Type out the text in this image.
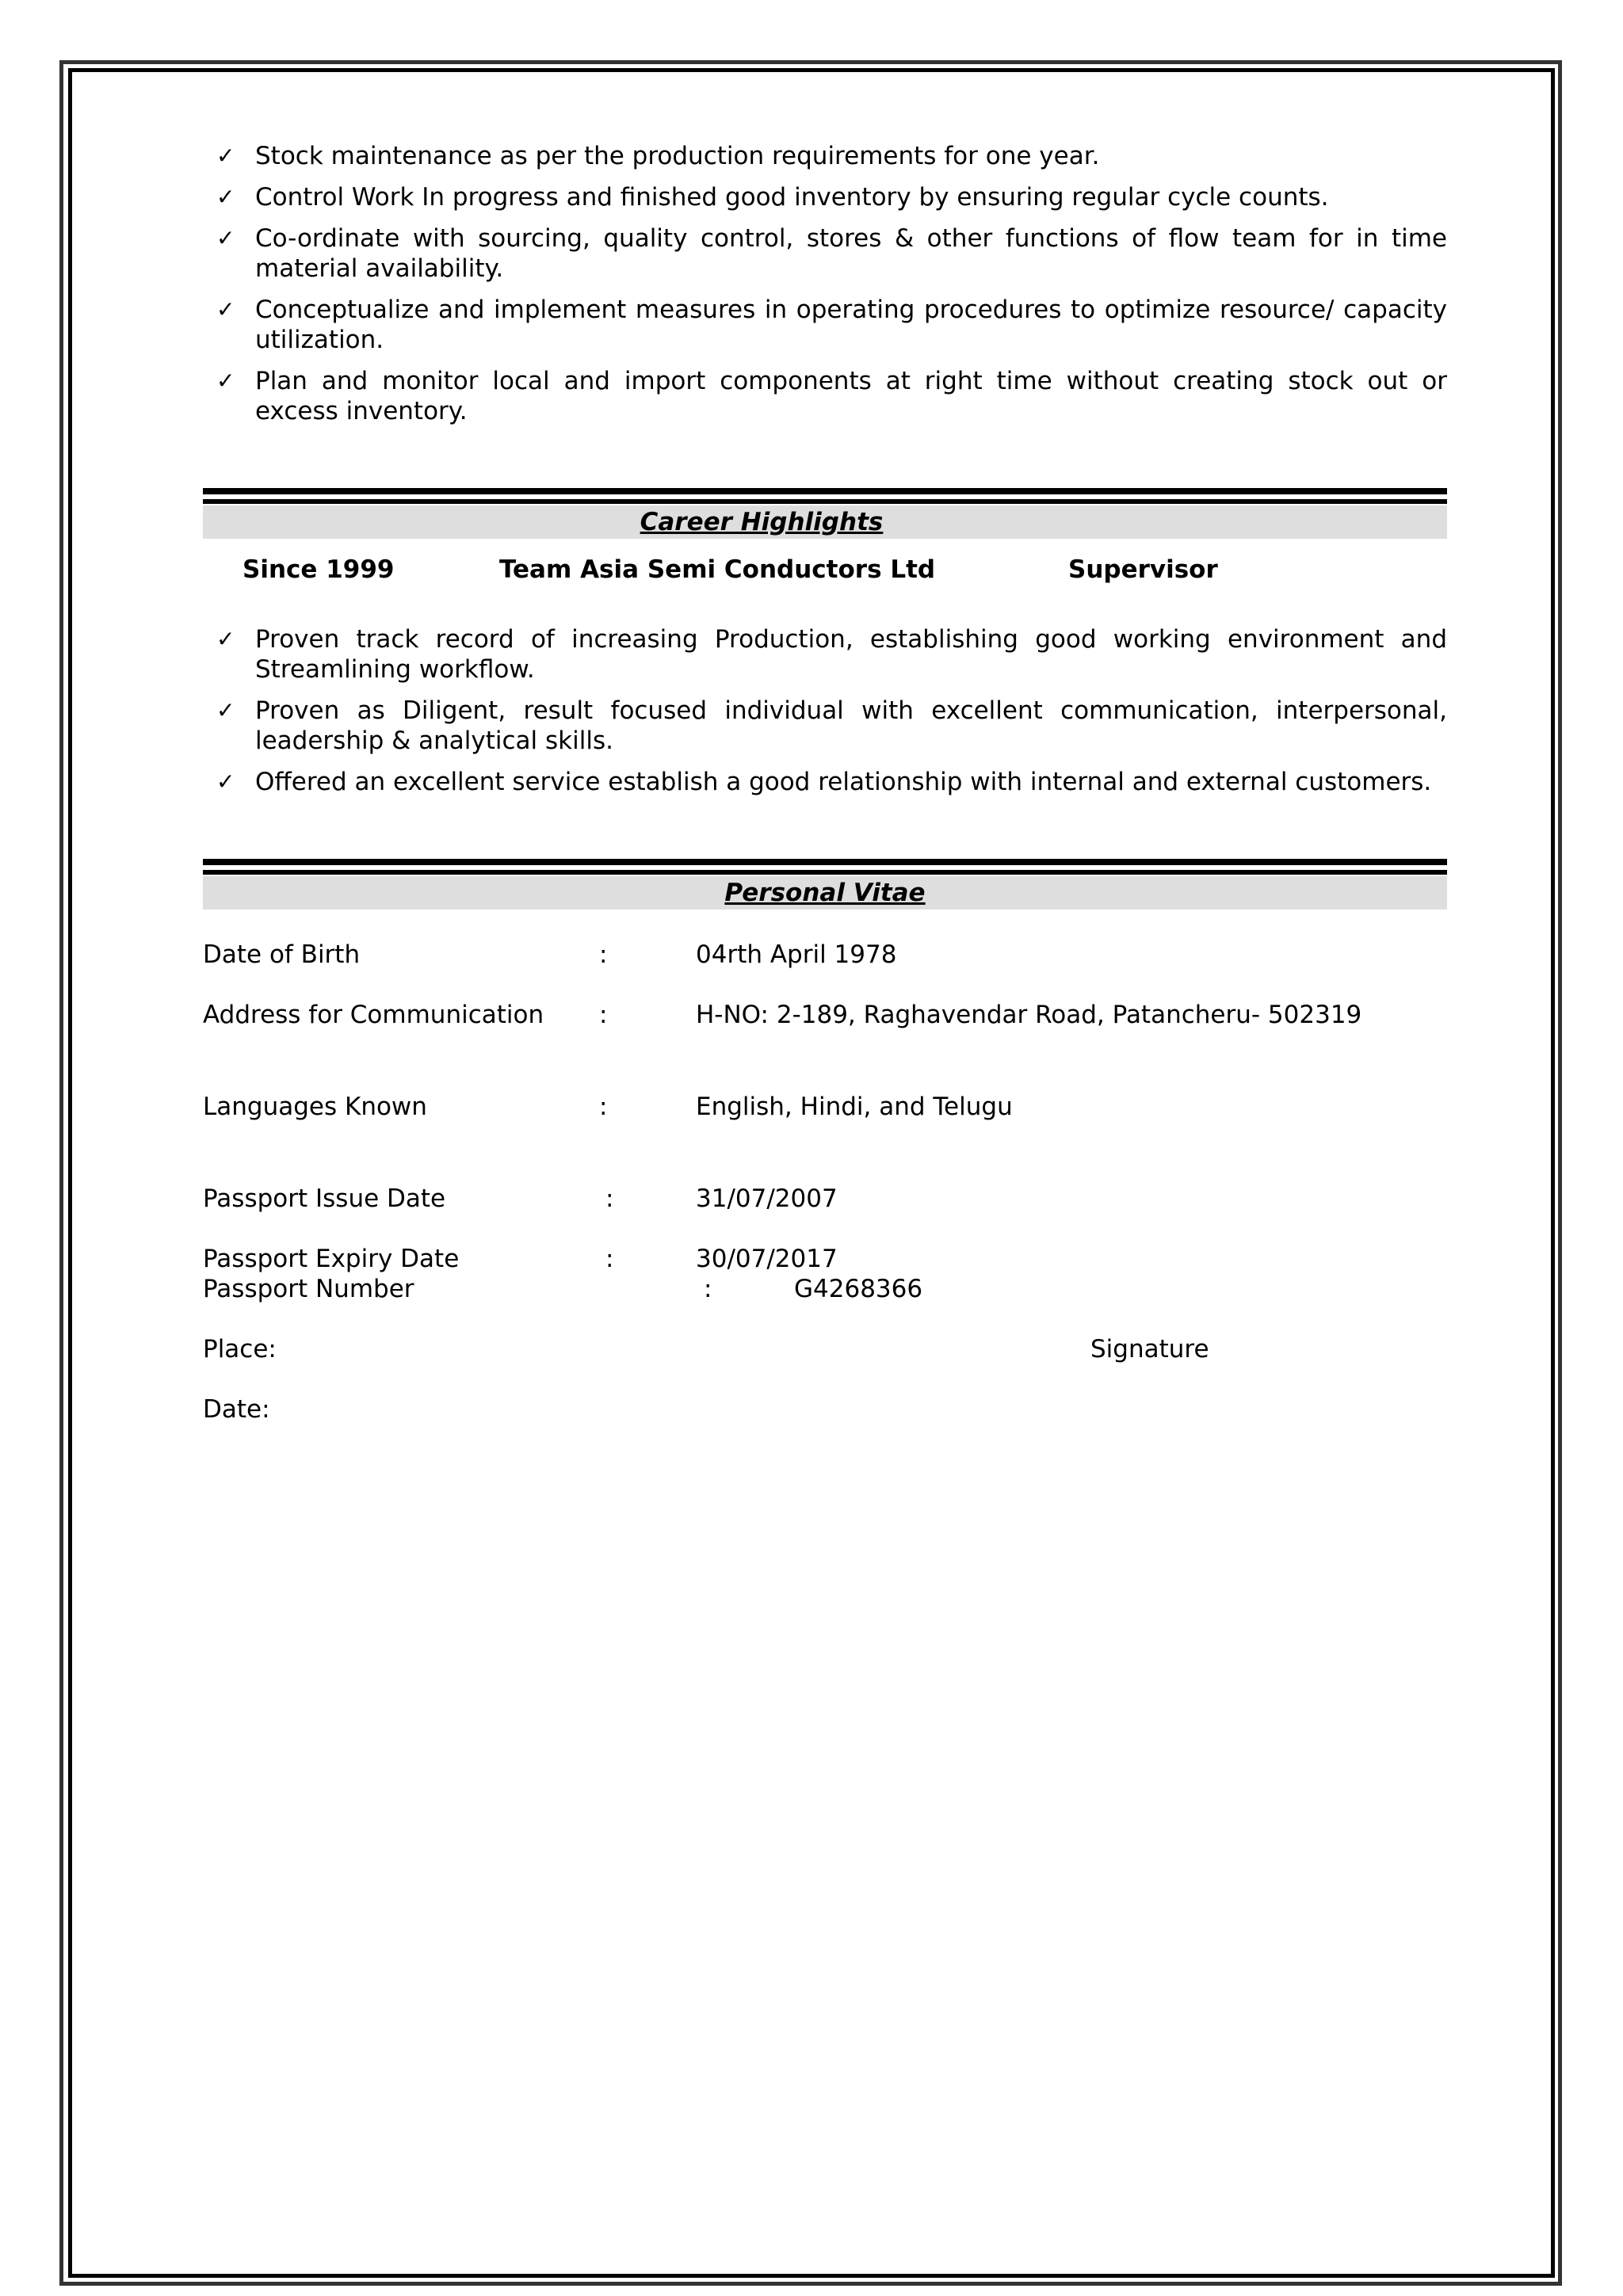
✓ Stock maintenance as per the production requirements for one year.
✓ Control Work In progress and finished good inventory by ensuring regular cycle counts.
✓ Co-ordinate with sourcing, quality control, stores & other functions of flow team for in time material availability.
✓ Conceptualize and implement measures in operating procedures to optimize resource/ capacity utilization.
✓ Plan and monitor local and import components at right time without creating stock out or excess inventory.
Career Highlights
Since 1999	Team Asia Semi Conductors Ltd	Supervisor
✓ Proven track record of increasing Production, establishing good working environment and Streamlining workflow.
✓ Proven as Diligent, result focused individual with excellent communication, interpersonal, leadership & analytical skills.
✓ Offered an excellent service establish a good relationship with internal and external customers.
Personal Vitae
Date of Birth	:	04rth April 1978
Address for Communication :	H-NO: 2-189, Raghavendar Road, Patancheru- 502319
Languages Known	:	English, Hindi, and Telugu
Passport Issue Date	:	31/07/2007
Passport Expiry Date	:	30/07/2017
Passport Number	:	G4268366
Place:	Signature
Date:
